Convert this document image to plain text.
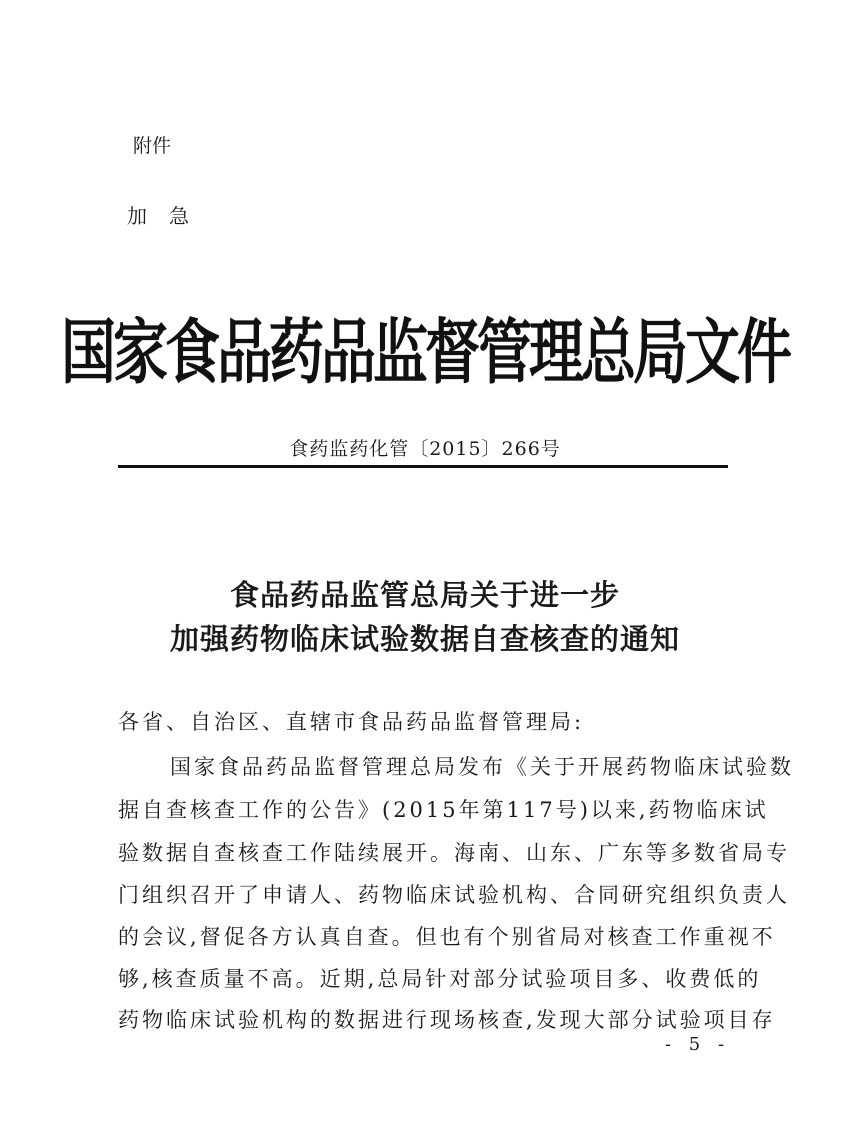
附件
加急
国家食品药品监督管理总局文件
食药监药化管〔2015〕266号
食品药品监管总局关于进一步
加强药物临床试验数据自查核查的通知
各省、自治区、直辖市食品药品监督管理局:
国家食品药品监督管理总局发布《关于开展药物临床试验数
据自查核查工作的公告》(2015年第117号)以来,药物临床试
验数据自查核查工作陆续展开。海南、山东、广东等多数省局专
门组织召开了申请人、药物临床试验机构、合同研究组织负责人
的会议,督促各方认真自查。但也有个别省局对核查工作重视不
够,核查质量不高。近期,总局针对部分试验项目多、收费低的
药物临床试验机构的数据进行现场核查,发现大部分试验项目存
- 5 -
